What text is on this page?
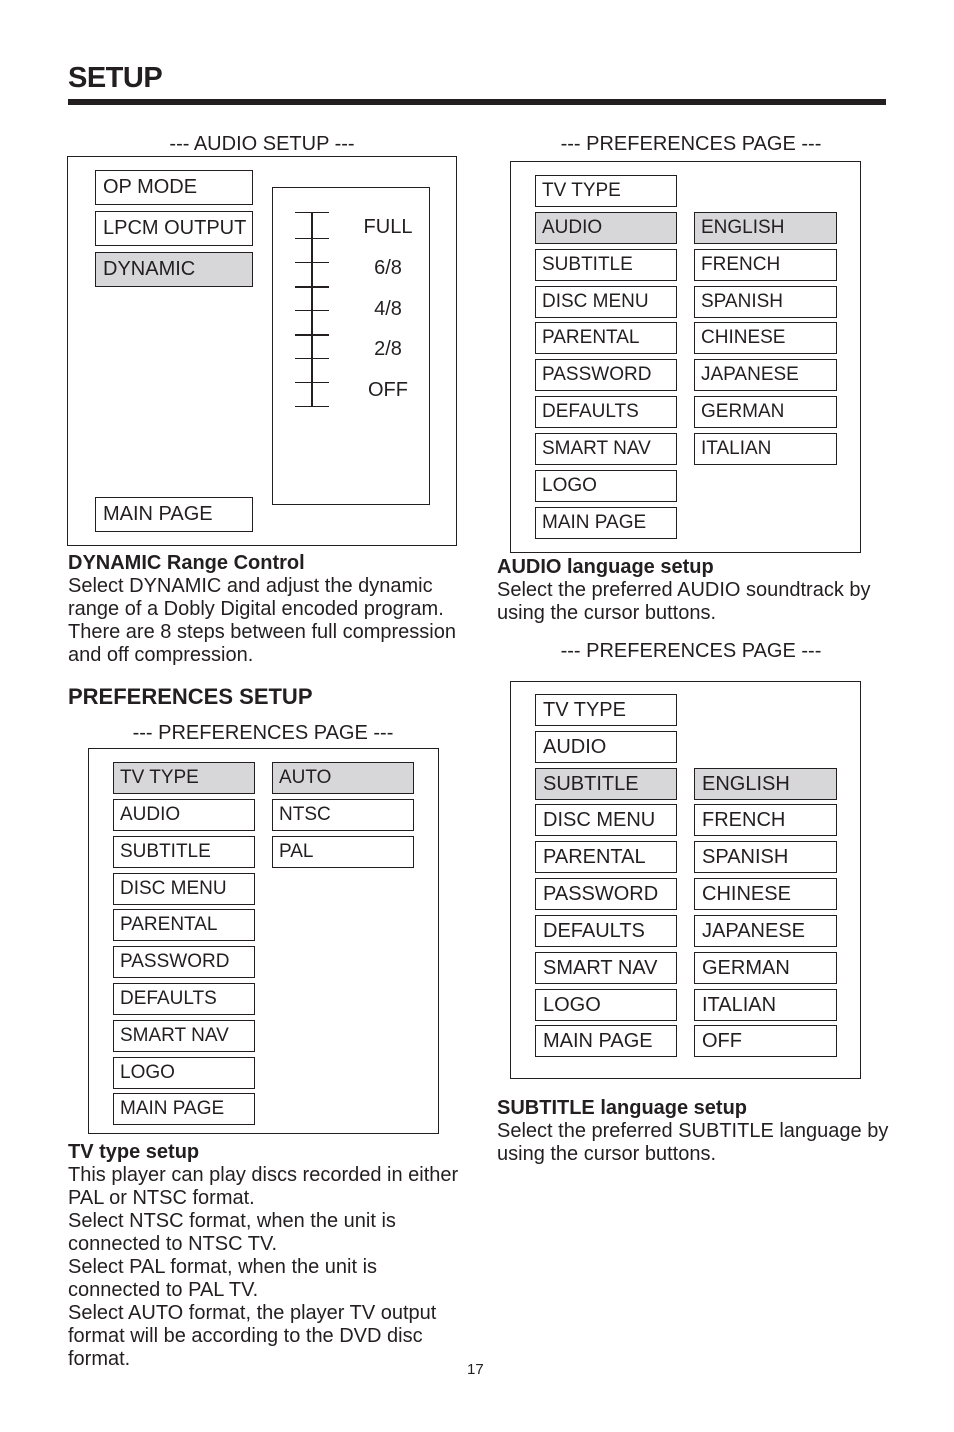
SETUP
--- AUDIO SETUP ---
OP MODE
LPCM OUTPUT
DYNAMIC
MAIN PAGE
FULL
6/8
4/8
2/8
OFF
DYNAMIC Range Control
Select DYNAMIC and adjust the dynamic range of a Dobly Digital encoded program. There are 8 steps between full compression and off compression.
PREFERENCES SETUP
--- PREFERENCES PAGE ---
TV TYPE
AUDIO
SUBTITLE
DISC MENU
PARENTAL
PASSWORD
DEFAULTS
SMART NAV
LOGO
MAIN PAGE
AUTO
NTSC
PAL
TV type setup

This player can play discs recorded in either PAL or NTSC format.

Select NTSC format, when the unit is connected to NTSC TV.

Select PAL format, when the unit is connected to PAL TV.

Select AUTO format, the player TV output format will be according to the DVD disc format.

--- PREFERENCES PAGE ---
TV TYPE
AUDIO
SUBTITLE
DISC MENU
PARENTAL
PASSWORD
DEFAULTS
SMART NAV
LOGO
MAIN PAGE
ENGLISH
FRENCH
SPANISH
CHINESE
JAPANESE
GERMAN
ITALIAN
AUDIO language setup
Select the preferred AUDIO soundtrack by using the cursor buttons.
--- PREFERENCES PAGE ---
TV TYPE
AUDIO
SUBTITLE
DISC MENU
PARENTAL
PASSWORD
DEFAULTS
SMART NAV
LOGO
MAIN PAGE
ENGLISH
FRENCH
SPANISH
CHINESE
JAPANESE
GERMAN
ITALIAN
OFF
SUBTITLE language setup
Select the preferred SUBTITLE language by using the cursor buttons.
17
